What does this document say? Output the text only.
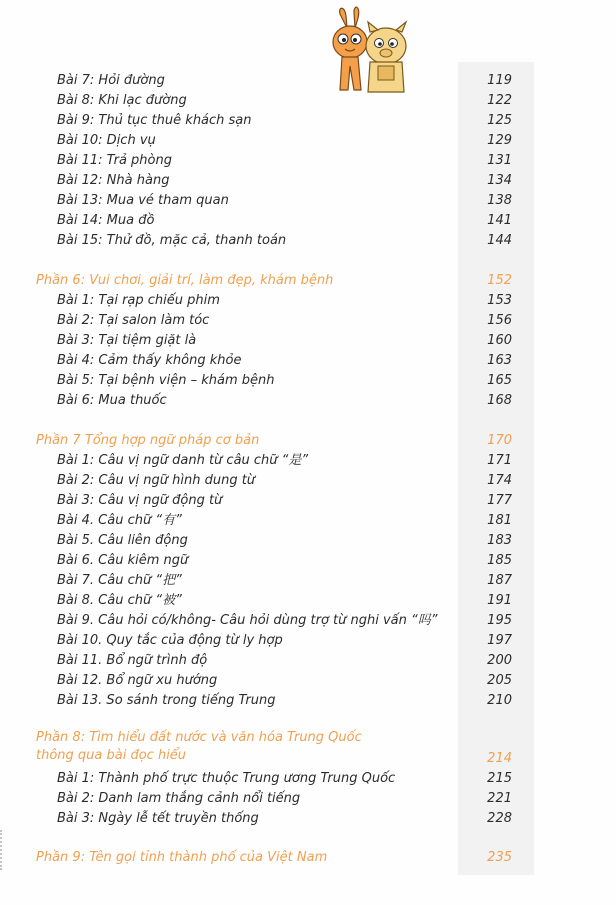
Bài 7: Hỏi đường	119
Bài 8: Khi lạc đường	122
Bài 9: Thủ tục thuê khách sạn	125
Bài 10: Dịch vụ	129
Bài 11: Trả phòng	131
Bài 12: Nhà hàng	134
Bài 13: Mua vé tham quan	138
Bài 14: Mua đồ	141
Bài 15: Thử đồ, mặc cả, thanh toán	144
Phần 6: Vui chơi, giải trí, làm đẹp, khám bệnh	152
Bài 1: Tại rạp chiếu phim	153
Bài 2: Tại salon làm tóc	156
Bài 3: Tại tiệm giặt là	160
Bài 4: Cảm thấy không khỏe	163
Bài 5: Tại bệnh viện – khám bệnh	165
Bài 6: Mua thuốc	168
Phần 7 Tổng hợp ngữ pháp cơ bản	170
Bài 1: Câu vị ngữ danh từ câu chữ “是”	171
Bài 2: Câu vị ngữ hình dung từ	174
Bài 3: Câu vị ngữ động từ	177
Bài 4. Câu chữ “有”	181
Bài 5. Câu liên động	183
Bài 6. Câu kiêm ngữ	185
Bài 7. Câu chữ “把”	187
Bài 8. Câu chữ “被”	191
Bài 9. Câu hỏi có/không- Câu hỏi dùng trợ từ nghi vấn “吗”	195
Bài 10. Quy tắc của động từ ly hợp	197
Bài 11. Bổ ngữ trình độ	200
Bài 12. Bổ ngữ xu hướng	205
Bài 13. So sánh trong tiếng Trung	210
Phần 8: Tìm hiểu đất nước và văn hóa Trung Quốc
thông qua bài đọc hiểu	214
Bài 1: Thành phố trực thuộc Trung ương Trung Quốc	215
Bài 2: Danh lam thắng cảnh nổi tiếng	221
Bài 3: Ngày lễ tết truyền thống	228
Phần 9: Tên gọi tỉnh thành phố của Việt Nam	235
